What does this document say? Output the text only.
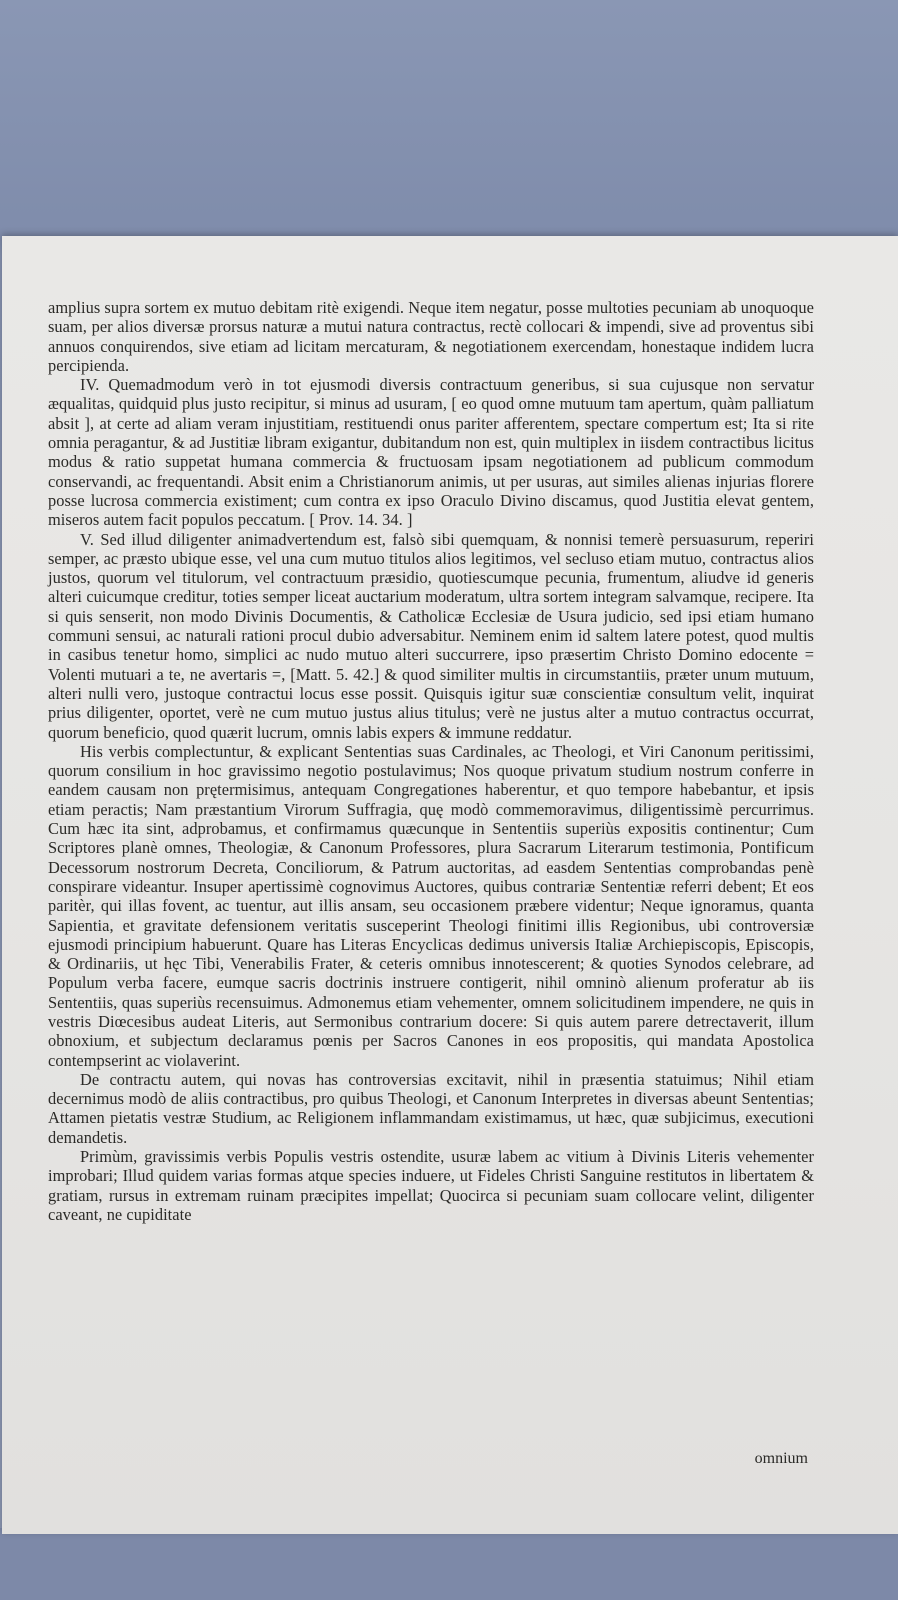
amplius supra sortem ex mutuo debitam ritè exigendi. Neque item negatur, posse multoties pecuniam ab unoquoque suam, per alios diversæ prorsus naturæ a mutui natura contractus, rectè collocari & impendi, sive ad proventus sibi annuos conquirendos, sive etiam ad licitam mercaturam, & negotiationem exercendam, honestaque indidem lucra percipienda.

IV. Quemadmodum verò in tot ejusmodi diversis contractuum generibus, si sua cujusque non servatur æqualitas, quidquid plus justo recipitur, si minus ad usuram, [ eo quod omne mutuum tam apertum, quàm palliatum absit ], at certe ad aliam veram injustitiam, restituendi onus pariter afferentem, spectare compertum est; Ita si rite omnia peragantur, & ad Justitiæ libram exigantur, dubitandum non est, quin multiplex in iisdem contractibus licitus modus & ratio suppetat humana commercia & fructuosam ipsam negotiationem ad publicum commodum conservandi, ac frequentandi. Absit enim a Christianorum animis, ut per usuras, aut similes alienas injurias florere posse lucrosa commercia existiment; cum contra ex ipso Oraculo Divino discamus, quod Justitia elevat gentem, miseros autem facit populos peccatum. [ Prov. 14. 34. ]

V. Sed illud diligenter animadvertendum est, falsò sibi quemquam, & nonnisi temerè persuasurum, reperiri semper, ac præsto ubique esse, vel una cum mutuo titulos alios legitimos, vel secluso etiam mutuo, contractus alios justos, quorum vel titulorum, vel contractuum præsidio, quotiescumque pecunia, frumentum, aliudve id generis alteri cuicumque creditur, toties semper liceat auctarium moderatum, ultra sortem integram salvamque, recipere. Ita si quis senserit, non modo Divinis Documentis, & Catholicæ Ecclesiæ de Usura judicio, sed ipsi etiam humano communi sensui, ac naturali rationi procul dubio adversabitur. Neminem enim id saltem latere potest, quod multis in casibus tenetur homo, simplici ac nudo mutuo alteri succurrere, ipso præsertim Christo Domino edocente = Volenti mutuari a te, ne avertaris =, [Matt. 5. 42.] & quod similiter multis in circumstantiis, præter unum mutuum, alteri nulli vero, justoque contractui locus esse possit. Quisquis igitur suæ conscientiæ consultum velit, inquirat prius diligenter, oportet, verè ne cum mutuo justus alius titulus; verè ne justus alter a mutuo contractus occurrat, quorum beneficio, quod quærit lucrum, omnis labis expers & immune reddatur.

His verbis complectuntur, & explicant Sententias suas Cardinales, ac Theologi, et Viri Canonum peritissimi, quorum consilium in hoc gravissimo negotio postulavimus; Nos quoque privatum studium nostrum conferre in eandem causam non prętermisimus, antequam Congregationes haberentur, et quo tempore habebantur, et ipsis etiam peractis; Nam præstantium Virorum Suffragia, quę modò commemoravimus, diligentissimè percurrimus. Cum hæc ita sint, adprobamus, et confirmamus quæcunque in Sententiis superiùs expositis continentur; Cum Scriptores planè omnes, Theologiæ, & Canonum Professores, plura Sacrarum Literarum testimonia, Pontificum Decessorum nostrorum Decreta, Conciliorum, & Patrum auctoritas, ad easdem Sententias comprobandas penè conspirare videantur. Insuper apertissimè cognovimus Auctores, quibus contrariæ Sententiæ referri debent; Et eos paritèr, qui illas fovent, ac tuentur, aut illis ansam, seu occasionem præbere videntur; Neque ignoramus, quanta Sapientia, et gravitate defensionem veritatis susceperint Theologi finitimi illis Regionibus, ubi controversiæ ejusmodi principium habuerunt. Quare has Literas Encyclicas dedimus universis Italiæ Archiepiscopis, Episcopis, & Ordinariis, ut hęc Tibi, Venerabilis Frater, & ceteris omnibus innotescerent; & quoties Synodos celebrare, ad Populum verba facere, eumque sacris doctrinis instruere contigerit, nihil omninò alienum proferatur ab iis Sententiis, quas superiùs recensuimus. Admonemus etiam vehementer, omnem solicitudinem impendere, ne quis in vestris Diœcesibus audeat Literis, aut Sermonibus contrarium docere: Si quis autem parere detrectaverit, illum obnoxium, et subjectum declaramus pœnis per Sacros Canones in eos propositis, qui mandata Apostolica contempserint ac violaverint.

De contractu autem, qui novas has controversias excitavit, nihil in præsentia statuimus; Nihil etiam decernimus modò de aliis contractibus, pro quibus Theologi, et Canonum Interpretes in diversas abeunt Sententias; Attamen pietatis vestræ Studium, ac Religionem inflammandam existimamus, ut hæc, quæ subjicimus, executioni demandetis.

Primùm, gravissimis verbis Populis vestris ostendite, usuræ labem ac vitium à Divinis Literis vehementer improbari; Illud quidem varias formas atque species induere, ut Fideles Christi Sanguine restitutos in libertatem & gratiam, rursus in extremam ruinam præcipites impellat; Quocirca si pecuniam suam collocare velint, diligenter caveant, ne cupiditate

omnium
